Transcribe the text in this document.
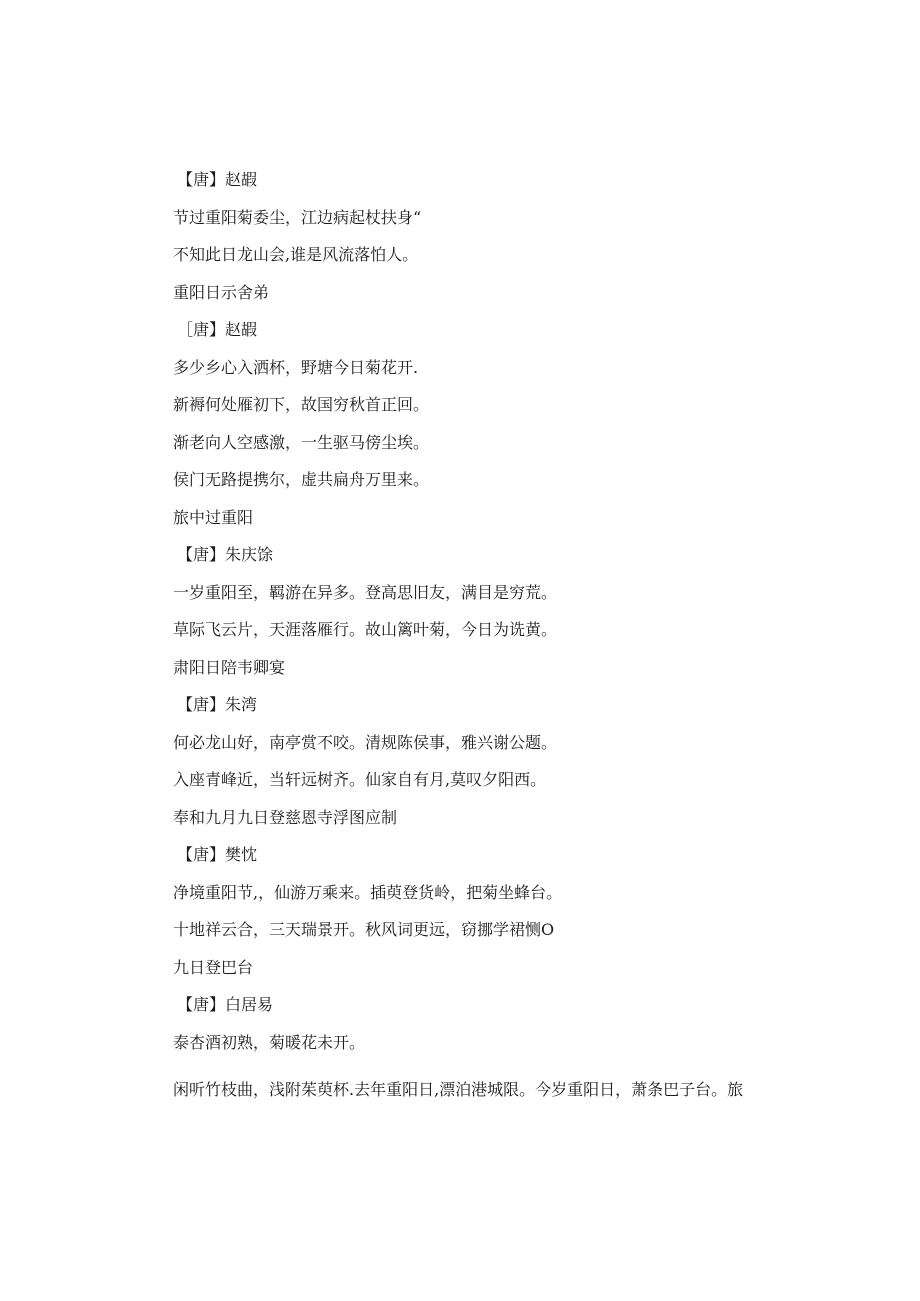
【唐】赵嘏

节过重阳菊委尘，江边病起杖扶身“

不知此日龙山会,谁是风流落怕人。

重阳日示舍弟

［唐】赵嘏

多少乡心入洒杯，野塘今日菊花开.

新褥何处雁初下，故国穷秋首正回。

渐老向人空感激，一生驱马傍尘埃。

侯门无路提携尔，虚共扁舟万里来。

旅中过重阳

【唐】朱庆馀

一岁重阳至，羁游在异多。登高思旧友，满目是穷荒。

草际飞云片，天涯落雁行。故山篱叶菊，今日为诜黄。

肃阳日陪韦卿宴

【唐】朱湾

何必龙山好，南亭赏不咬。清规陈侯事，雅兴谢公题。

入座青峰近，当轩远树齐。仙家自有月,莫叹夕阳西。

奉和九月九日登慈恩寺浮图应制

【唐】樊忱

净境重阳节,，仙游万乘来。插萸登货岭，把菊坐蜂台。

十地祥云合，三天瑞景开。秋风词更远，窃挪学裙恻O

九日登巴台

【唐】白居易

泰杏酒初熟，菊暖花未开。

闲听竹枝曲，浅附茱萸杯.去年重阳日,漂泊港城限。今岁重阳日，萧条巴子台。旅
